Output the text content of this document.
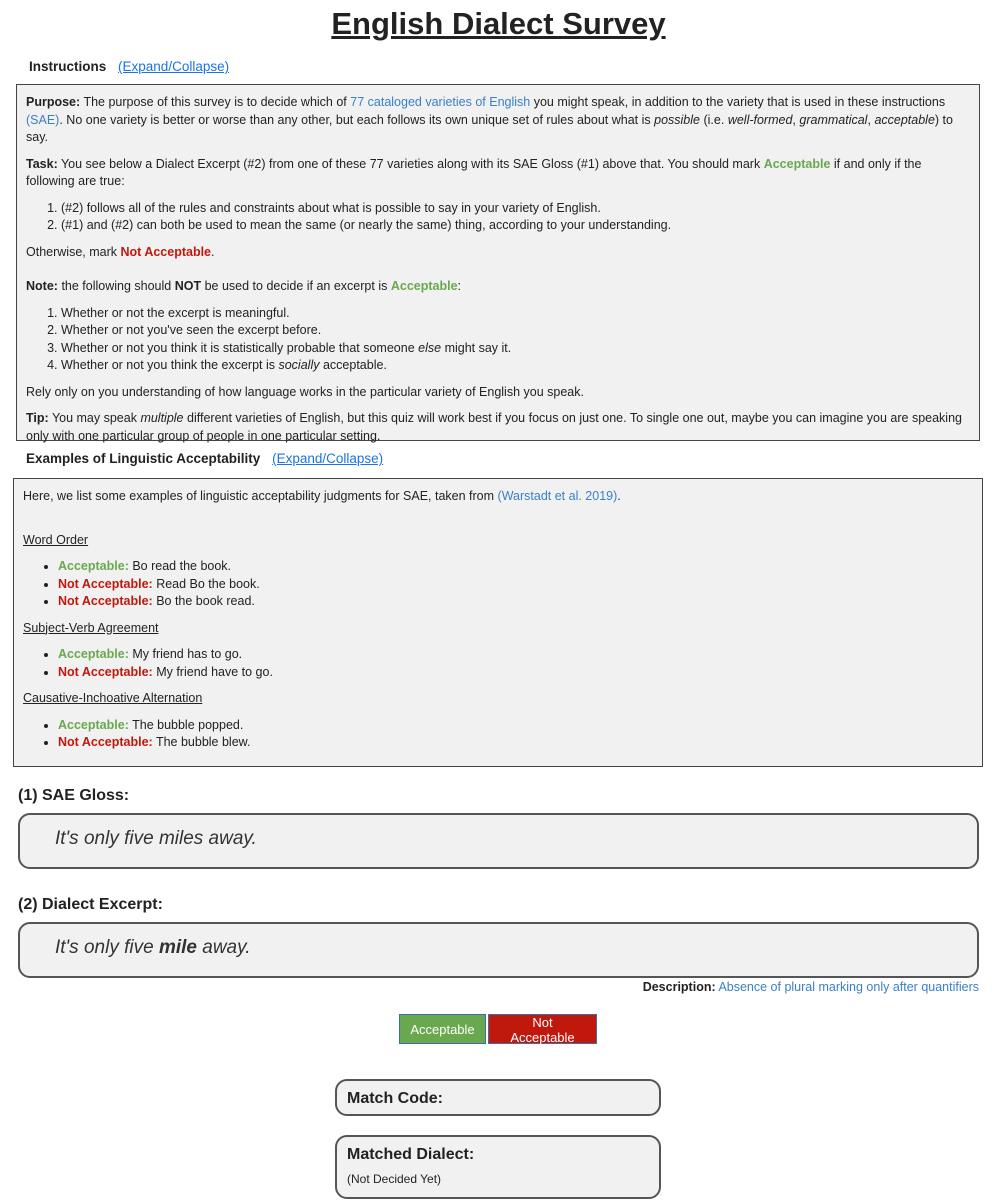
English Dialect Survey
Instructions (Expand/Collapse)

Purpose: The purpose of this survey is to decide which of 77 cataloged varieties of English you might speak, in addition to the variety that is used in these instructions (SAE). No one variety is better or worse than any other, but each follows its own unique set of rules about what is possible (i.e. well-formed, grammatical, acceptable) to say.

Task: You see below a Dialect Excerpt (#2) from one of these 77 varieties along with its SAE Gloss (#1) above that. You should mark Acceptable if and only if the following are true:

1. (#2) follows all of the rules and constraints about what is possible to say in your variety of English.
2. (#1) and (#2) can both be used to mean the same (or nearly the same) thing, according to your understanding.

Otherwise, mark Not Acceptable.

Note: the following should NOT be used to decide if an excerpt is Acceptable:

1. Whether or not the excerpt is meaningful.
2. Whether or not you've seen the excerpt before.
3. Whether or not you think it is statistically probable that someone else might say it.
4. Whether or not you think the excerpt is socially acceptable.

Rely only on you understanding of how language works in the particular variety of English you speak.

Tip: You may speak multiple different varieties of English, but this quiz will work best if you focus on just one. To single one out, maybe you can imagine you are speaking only with one particular group of people in one particular setting.

Examples of Linguistic Acceptability (Expand/Collapse)

Here, we list some examples of linguistic acceptability judgments for SAE, taken from (Warstadt et al. 2019).

Word Order

• Acceptable: Bo read the book.
• Not Acceptable: Read Bo the book.
• Not Acceptable: Bo the book read.

Subject-Verb Agreement

• Acceptable: My friend has to go.
• Not Acceptable: My friend have to go.

Causative-Inchoative Alternation

• Acceptable: The bubble popped.
• Not Acceptable: The bubble blew.
(1) SAE Gloss:
It's only five miles away.
(2) Dialect Excerpt:
It's only five mile away.
Description: Absence of plural marking only after quantifiers
Acceptable	Not Acceptable
Match Code:
Matched Dialect:
(Not Decided Yet)
